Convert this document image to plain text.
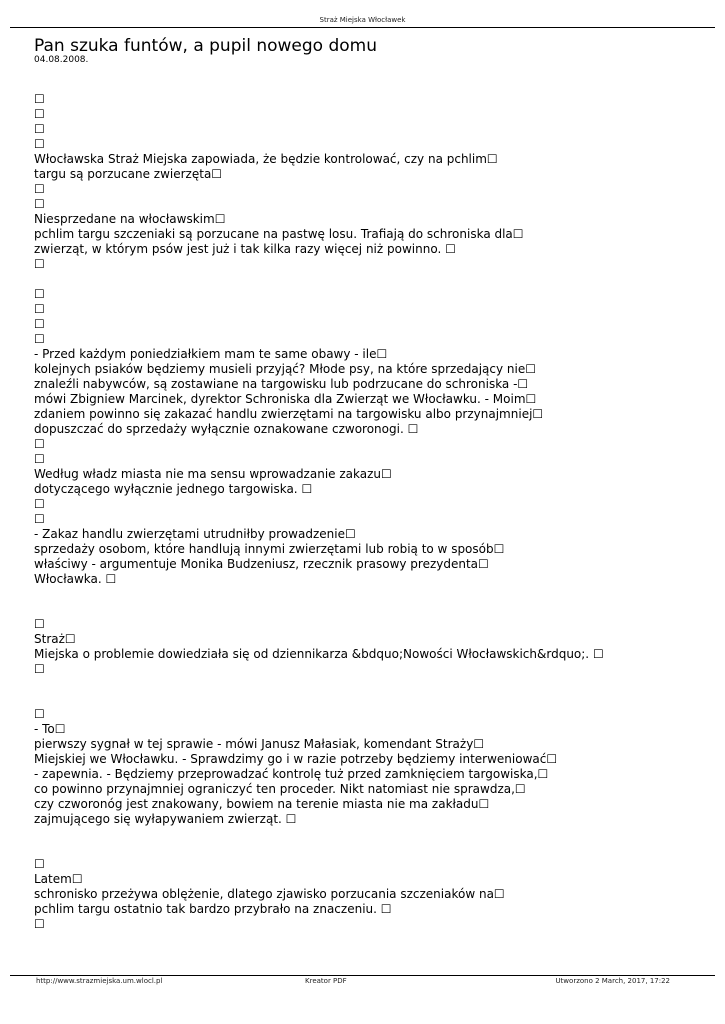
Straż Miejska Włocławek
Pan szuka funtów, a pupil nowego domu
04.08.2008.
☐
☐
☐
☐
Włocławska Straż Miejska zapowiada, że będzie kontrolować, czy na pchlim☐
targu są porzucane zwierzęta☐
☐
☐
Niesprzedane na włocławskim☐
pchlim targu szczeniaki są porzucane na pastwę losu. Trafiają do schroniska dla☐
zwierząt, w którym psów jest już i tak kilka razy więcej niż powinno. ☐
☐
☐
☐
☐
☐
- Przed każdym poniedziałkiem mam te same obawy - ile☐
kolejnych psiaków będziemy musieli przyjąć? Młode psy, na które sprzedający nie☐
znaleźli nabywców, są zostawiane na targowisku lub podrzucane do schroniska -☐
mówi Zbigniew Marcinek, dyrektor Schroniska dla Zwierząt we Włocławku. - Moim☐
zdaniem powinno się zakazać handlu zwierzętami na targowisku albo przynajmniej☐
dopuszczać do sprzedaży wyłącznie oznakowane czworonogi. ☐
☐
☐
Według władz miasta nie ma sensu wprowadzanie zakazu☐
dotyczącego wyłącznie jednego targowiska. ☐
☐
☐
- Zakaz handlu zwierzętami utrudniłby prowadzenie☐
sprzedaży osobom, które handlują innymi zwierzętami lub robią to w sposób☐
właściwy - argumentuje Monika Budzeniusz, rzecznik prasowy prezydenta☐
Włocławka. ☐
☐
Straż☐
Miejska o problemie dowiedziała się od dziennikarza &bdquo;Nowości Włocławskich&rdquo;. ☐
☐
☐
- To☐
pierwszy sygnał w tej sprawie - mówi Janusz Małasiak, komendant Straży☐
Miejskiej we Włocławku. - Sprawdzimy go i w razie potrzeby będziemy interweniować☐
- zapewnia. - Będziemy przeprowadzać kontrolę tuż przed zamknięciem targowiska,☐
co powinno przynajmniej ograniczyć ten proceder. Nikt natomiast nie sprawdza,☐
czy czworonóg jest znakowany, bowiem na terenie miasta nie ma zakładu☐
zajmującego się wyłapywaniem zwierząt. ☐
☐
Latem☐
schronisko przeżywa oblężenie, dlatego zjawisko porzucania szczeniaków na☐
pchlim targu ostatnio tak bardzo przybrało na znaczeniu. ☐
☐
http://www.strazmiejska.um.wlocl.pl	Kreator PDF	Utworzono 2 March, 2017, 17:22
